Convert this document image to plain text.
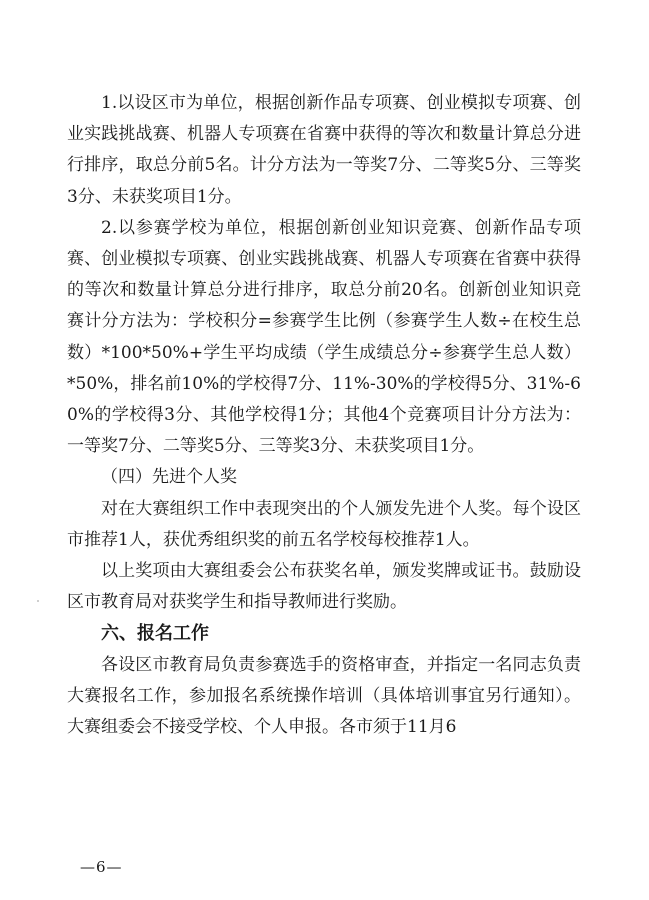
1.以设区市为单位，根据创新作品专项赛、创业模拟专项赛、创业实践挑战赛、机器人专项赛在省赛中获得的等次和数量计算总分进行排序，取总分前5名。计分方法为一等奖7分、二等奖5分、三等奖3分、未获奖项目1分。

2.以参赛学校为单位，根据创新创业知识竞赛、创新作品专项赛、创业模拟专项赛、创业实践挑战赛、机器人专项赛在省赛中获得的等次和数量计算总分进行排序，取总分前20名。创新创业知识竞赛计分方法为：学校积分=参赛学生比例（参赛学生人数÷在校生总数）*100*50%+学生平均成绩（学生成绩总分÷参赛学生总人数）*50%，排名前10%的学校得7分、11%-30%的学校得5分、31%-60%的学校得3分、其他学校得1分；其他4个竞赛项目计分方法为：一等奖7分、二等奖5分、三等奖3分、未获奖项目1分。

（四）先进个人奖

对在大赛组织工作中表现突出的个人颁发先进个人奖。每个设区市推荐1人，获优秀组织奖的前五名学校每校推荐1人。

以上奖项由大赛组委会公布获奖名单，颁发奖牌或证书。鼓励设区市教育局对获奖学生和指导教师进行奖励。

六、报名工作

各设区市教育局负责参赛选手的资格审查，并指定一名同志负责大赛报名工作，参加报名系统操作培训（具体培训事宜另行通知）。大赛组委会不接受学校、个人申报。各市须于11月6

—6—
